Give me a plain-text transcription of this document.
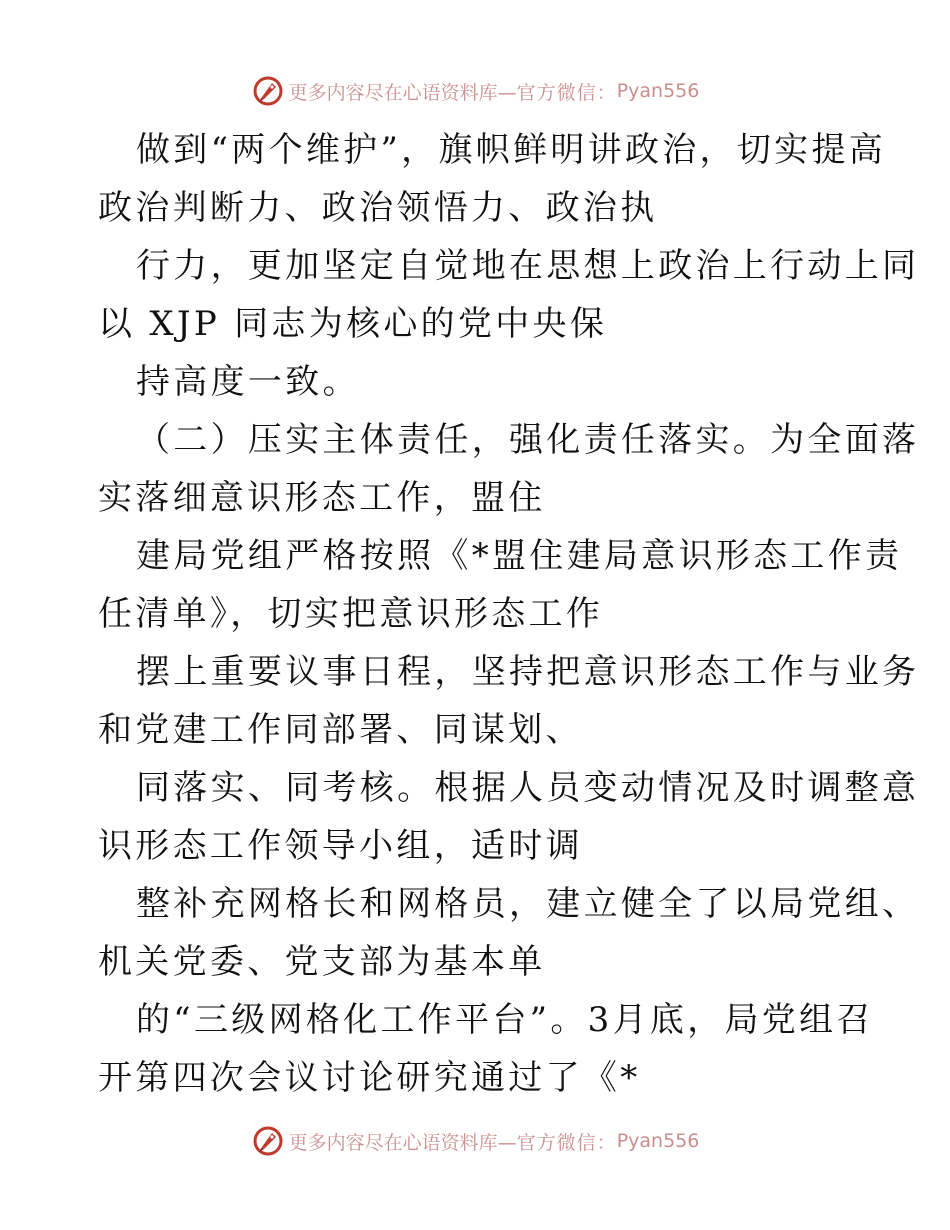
更多内容尽在心语资料库— 官方微信： Pyan556
做到“两个维护”，旗帜鲜明讲政治，切实提高
政治判断力、政治领悟力、政治执
行力，更加坚定自觉地在思想上政治上行动上同
以 XJP 同志为核心的党中央保
持高度一致。
（二）压实主体责任，强化责任落实。为全面落
实落细意识形态工作，盟住
建局党组严格按照《*盟住建局意识形态工作责
任清单》，切实把意识形态工作
摆上重要议事日程，坚持把意识形态工作与业务
和党建工作同部署、同谋划、
同落实、同考核。根据人员变动情况及时调整意
识形态工作领导小组，适时调
整补充网格长和网格员，建立健全了以局党组、
机关党委、党支部为基本单
的“三级网格化工作平台”。3月底，局党组召
开第四次会议讨论研究通过了《*
更多内容尽在心语资料库— 官方微信： Pyan556
